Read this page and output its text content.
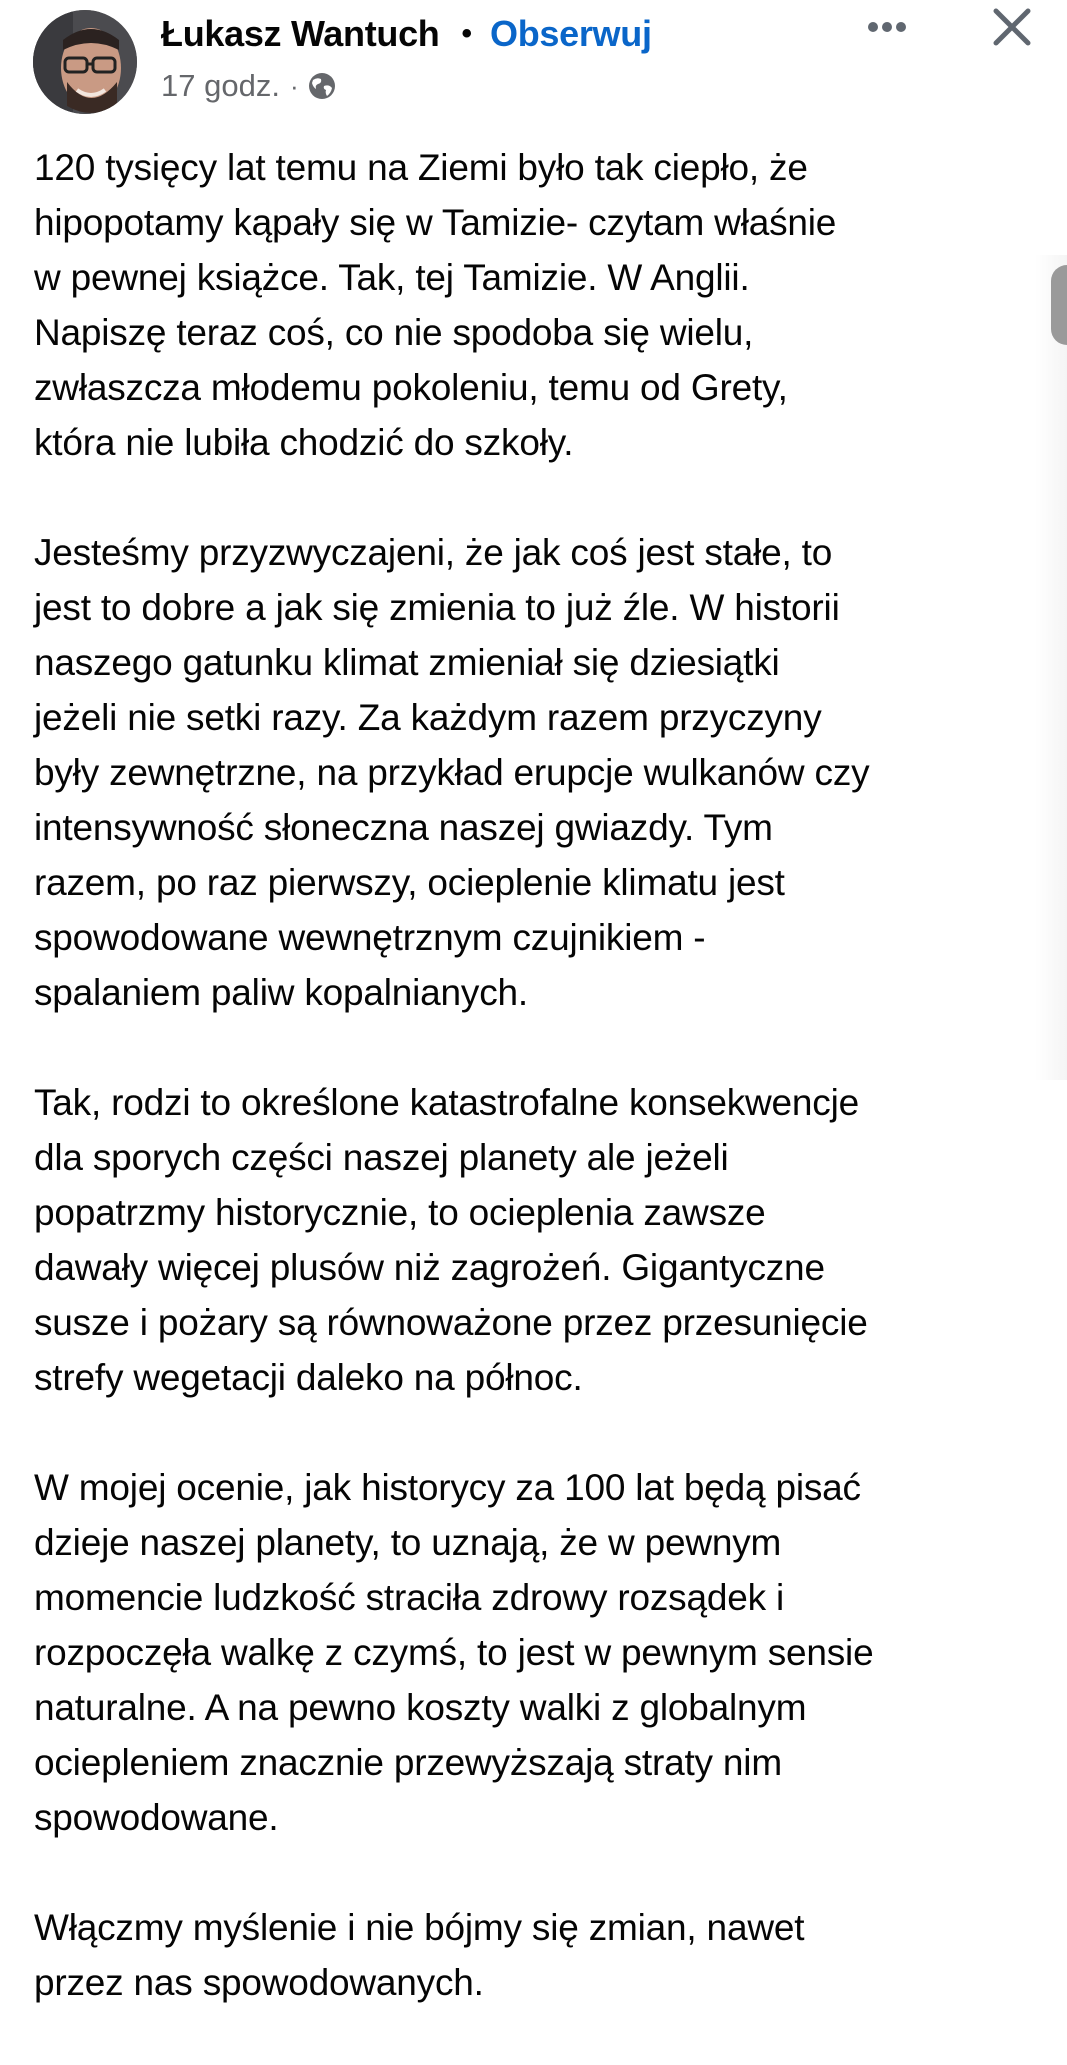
Łukasz Wantuch • Obserwuj
17 godz. ·

120 tysięcy lat temu na Ziemi było tak ciepło, że
hipopotamy kąpały się w Tamizie- czytam właśnie
w pewnej książce. Tak, tej Tamizie. W Anglii.
Napiszę teraz coś, co nie spodoba się wielu,
zwłaszcza młodemu pokoleniu, temu od Grety,
która nie lubiła chodzić do szkoły.

Jesteśmy przyzwyczajeni, że jak coś jest stałe, to
jest to dobre a jak się zmienia to już źle. W historii
naszego gatunku klimat zmieniał się dziesiątki
jeżeli nie setki razy. Za każdym razem przyczyny
były zewnętrzne, na przykład erupcje wulkanów czy
intensywność słoneczna naszej gwiazdy. Tym
razem, po raz pierwszy, ocieplenie klimatu jest
spowodowane wewnętrznym czujnikiem -
spalaniem paliw kopalnianych.

Tak, rodzi to określone katastrofalne konsekwencje
dla sporych części naszej planety ale jeżeli
popatrzmy historycznie, to ocieplenia zawsze
dawały więcej plusów niż zagrożeń. Gigantyczne
susze i pożary są równoważone przez przesunięcie
strefy wegetacji daleko na północ.

W mojej ocenie, jak historycy za 100 lat będą pisać
dzieje naszej planety, to uznają, że w pewnym
momencie ludzkość straciła zdrowy rozsądek i
rozpoczęła walkę z czymś, to jest w pewnym sensie
naturalne. A na pewno koszty walki z globalnym
ociepleniem znacznie przewyższają straty nim
spowodowane.

Włączmy myślenie i nie bójmy się zmian, nawet
przez nas spowodowanych.
